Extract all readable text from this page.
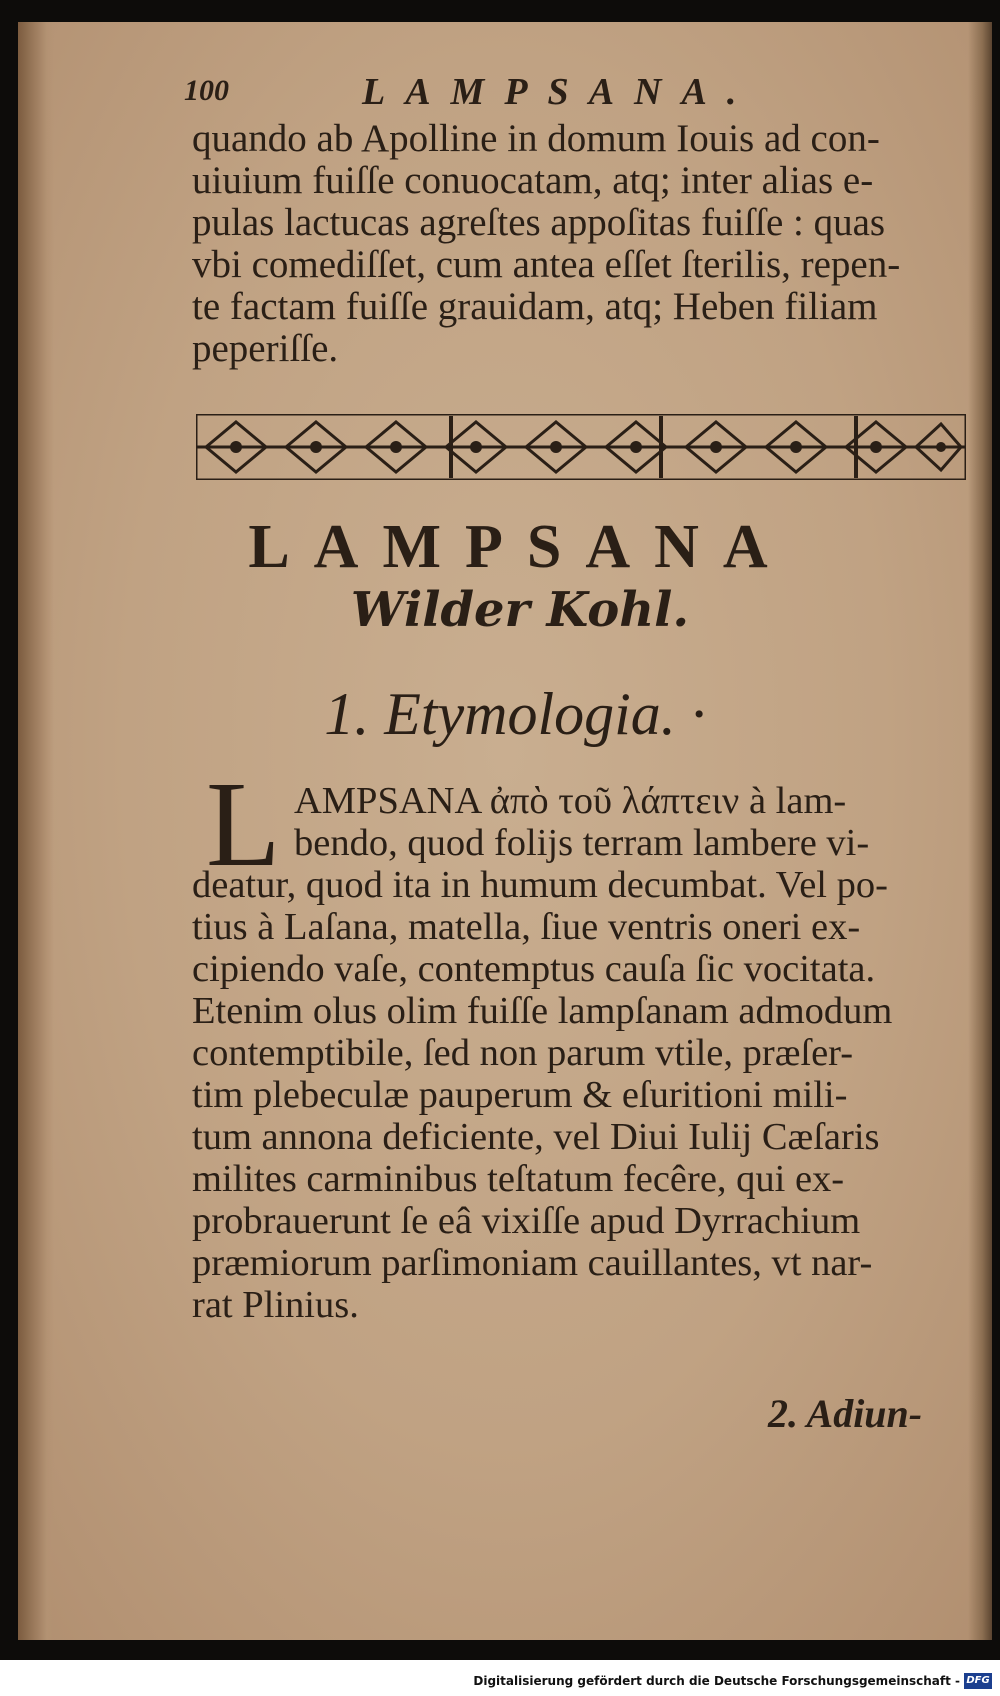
100	LAMPSANA.
quando ab Apolline in domum Iouis ad con-
uiuium fuiſſe conuocatam, atq; inter alias e-
pulas lactucas agreſtes appoſitas fuiſſe : quas
vbi comediſſet, cum antea eſſet ſterilis, repen-
te factam fuiſſe grauidam, atq; Heben filiam
peperiſſe.
LAMPSANA
Wilder Kohl.
1. Etymologia. ·
L AMPSANA ἀπὸ τοῦ λάπτειν à lam-
bendo, quod folijs terram lambere vi-
deatur, quod ita in humum decumbat. Vel po-
tius à Laſana, matella, ſiue ventris oneri ex-
cipiendo vaſe, contemptus cauſa ſic vocitata.
Etenim olus olim fuiſſe lampſanam admodum
contemptibile, ſed non parum vtile, præſer-
tim plebeculæ pauperum & eſuritioni mili-
tum annona deficiente, vel Diui Iulij Cæſaris
milites carminibus teſtatum fecêre, qui ex-
probrauerunt ſe eâ vixiſſe apud Dyrrachium
præmiorum parſimoniam cauillantes, vt nar-
rat Plinius.
2. Adiun-
Digitalisierung gefördert durch die Deutsche Forschungsgemeinschaft - DFG
